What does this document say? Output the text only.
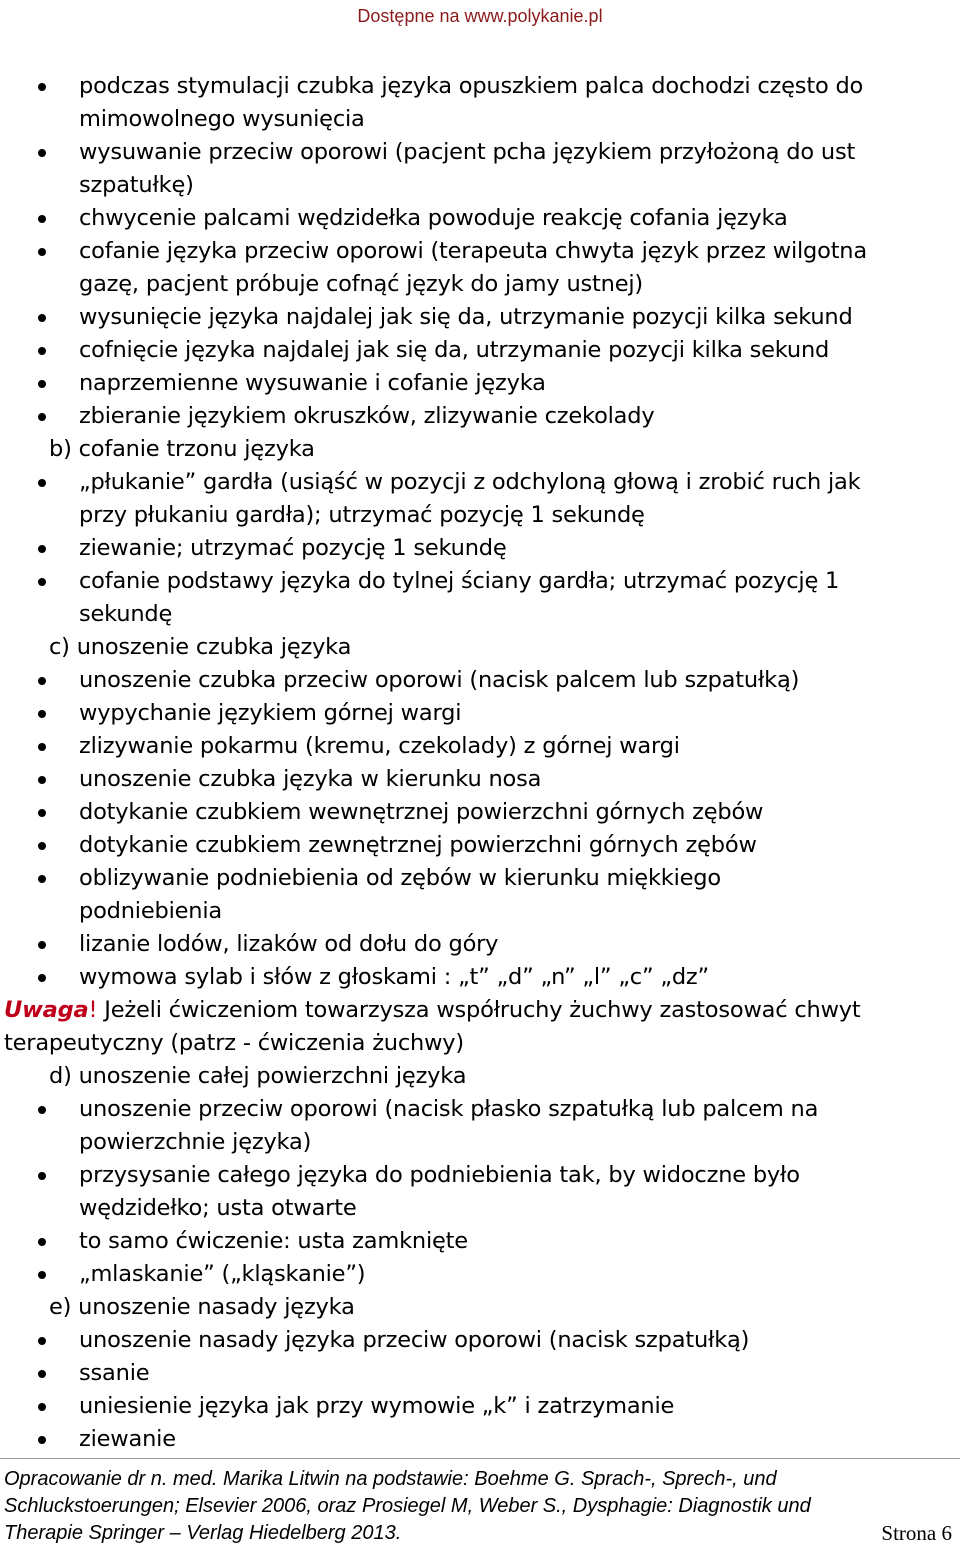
Dostępne na www.polykanie.pl
podczas stymulacji czubka języka opuszkiem palca dochodzi często do
mimowolnego wysunięcia
wysuwanie przeciw oporowi (pacjent pcha językiem przyłożoną do ust
szpatułkę)
chwycenie palcami wędzidełka powoduje reakcję cofania języka
cofanie języka przeciw oporowi (terapeuta chwyta język przez wilgotna
gazę, pacjent próbuje cofnąć język do jamy ustnej)
wysunięcie języka najdalej jak się da, utrzymanie pozycji kilka sekund
cofnięcie języka najdalej jak się da, utrzymanie pozycji kilka sekund
naprzemienne wysuwanie i cofanie języka
zbieranie językiem okruszków, zlizywanie czekolady
b) cofanie trzonu języka
„płukanie” gardła (usiąść w pozycji z odchyloną głową i zrobić ruch jak
przy płukaniu gardła); utrzymać pozycję 1 sekundę
ziewanie; utrzymać pozycję 1 sekundę
cofanie podstawy języka do tylnej ściany gardła; utrzymać pozycję 1
sekundę
c) unoszenie czubka języka
unoszenie czubka przeciw oporowi (nacisk palcem lub szpatułką)
wypychanie językiem górnej wargi
zlizywanie pokarmu (kremu, czekolady) z górnej wargi
unoszenie czubka języka w kierunku nosa
dotykanie czubkiem wewnętrznej powierzchni górnych zębów
dotykanie czubkiem zewnętrznej powierzchni górnych zębów
oblizywanie podniebienia od zębów w kierunku miękkiego
podniebienia
lizanie lodów, lizaków od dołu do góry
wymowa sylab i słów z głoskami : „t” „d” „n” „l” „c” „dz”
Uwaga! Jeżeli ćwiczeniom towarzysza współruchy żuchwy zastosować chwyt
terapeutyczny (patrz - ćwiczenia żuchwy)
d) unoszenie całej powierzchni języka
unoszenie przeciw oporowi (nacisk płasko szpatułką lub palcem na
powierzchnie języka)
przysysanie całego języka do podniebienia tak, by widoczne było
wędzidełko; usta otwarte
to samo ćwiczenie: usta zamknięte
„mlaskanie” („kląskanie”)
e) unoszenie nasady języka
unoszenie nasady języka przeciw oporowi (nacisk szpatułką)
ssanie
uniesienie języka jak przy wymowie „k” i zatrzymanie
ziewanie
Opracowanie dr n. med. Marika Litwin na podstawie: Boehme G. Sprach-, Sprech-, und
Schluckstoerungen; Elsevier 2006, oraz Prosiegel M, Weber S., Dysphagie: Diagnostik und
Therapie Springer – Verlag Hiedelberg 2013.	Strona 6
